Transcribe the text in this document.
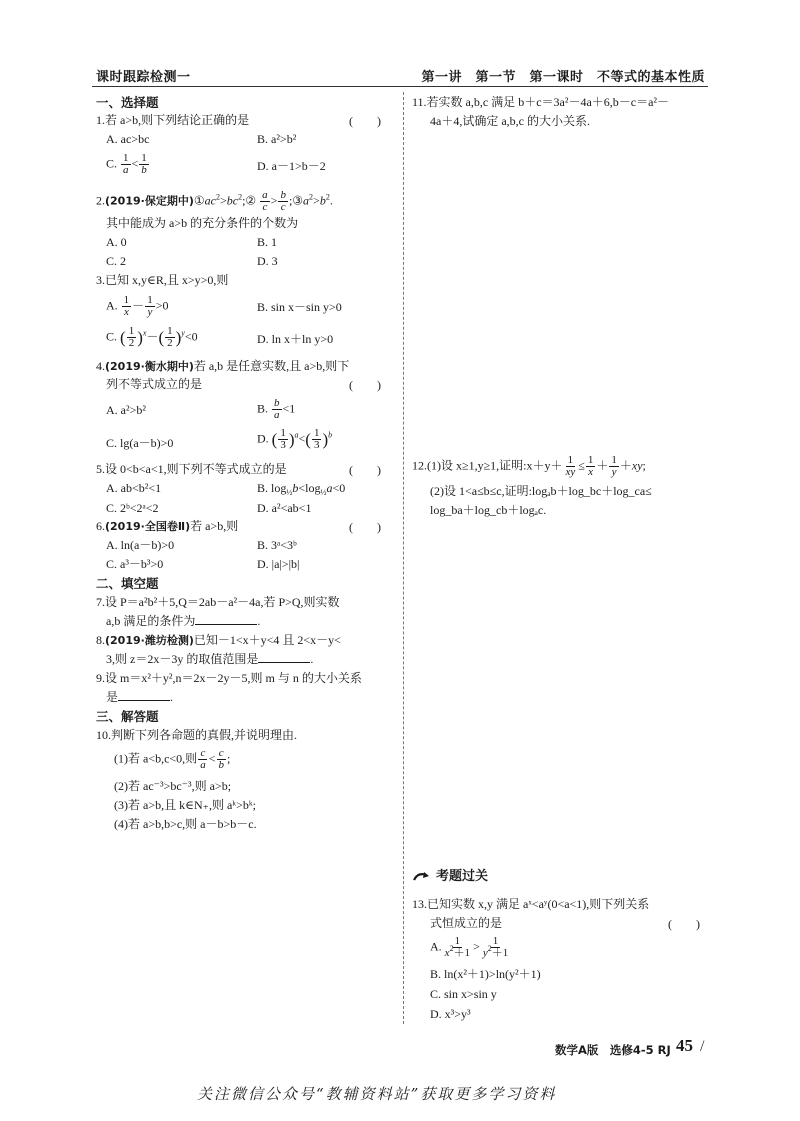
课时跟踪检测一	第一讲　第一节　第一课时　不等式的基本性质
一、选择题
1.若 a>b,则下列结论正确的是	(　　)
A. ac>bc	B. a²>b²
C. $\frac{1}{a} < \frac{1}{b}$	D. a－1>b－2
2.(2019·保定期中)$①ac^2>bc^2;② \frac{a}{c} > \frac{b}{c}$ $;③a^2>b^2$.
其中能成为 a>b 的充分条件的个数为
A. 0	B. 1
C. 2	D. 3
3.已知 x,y∈R,且 x>y>0,则
A. $\frac{1}{x} - \frac{1}{y} >0$	B. sin x－sin y>0
C. ( $\frac{1}{2} )^x-( \frac{1}{2} )^y<0$	D. ln x＋ln y>0
4.(2019·衡水期中)若 a,b 是任意实数,且 a>b,则下
列不等式成立的是	(　　)
A. a²>b²	B. $\frac{b}{a} <1$
C. lg(a－b)>0	D. ( $\frac{1}{3} )^a<( \frac{1}{3} )^b$
5.设 0<b<a<1,则下列不等式成立的是	(　　)
A. ab<b²<1	B. $\log_{\frac{1}{2}}b<\log_{\frac{1}{2}}a<0$
C. 2ᵇ<2ᵃ<2	D. a²<ab<1
6.(2019·全国卷Ⅱ)若 a>b,则	(　　)
A. ln(a－b)>0	B. 3ᵃ<3ᵇ
C. a³－b³>0	D. |a|>|b|
二、填空题
7.设 P＝a²b²＋5,Q＝2ab－a²－4a,若 P>Q,则实数
a,b 满足的条件为	.
8.(2019·潍坊检测)已知－1<x＋y<4 且 2<x－y<
3,则 z＝2x－3y 的取值范围是	.
9.设 m＝x²＋y²,n＝2x－2y－5,则 m 与 n 的大小关系
是	.
三、解答题
10.判断下列各命题的真假,并说明理由.
(1)若 a<b,c<0,则 $\frac{c}{a} < \frac{c}{b}$ ;
(2)若 ac⁻³>bc⁻³,则 a>b;
(3)若 a>b,且 k∈N₊,则 aᵏ>bᵏ;
(4)若 a>b,b>c,则 a－b>b－c.
11.若实数 a,b,c 满足 b＋c＝3a²－4a＋6,b－c＝a²－
4a＋4,试确定 a,b,c 的大小关系.
12.(1)设 x≥1,y≥1,证明:x＋y＋ $\frac{1}{xy} \le \frac{1}{x} + \frac{1}{y} +xy$;
(2)设 1<a≤b≤c,证明:logₐb＋log_bc＋log_ca≤
log_ba＋log_cb＋logₐc.
考题过关
13.已知实数 x,y 满足 aˣ<aʸ(0<a<1),则下列关系
式恒成立的是	(　　)
A. $\frac{1}{x^2+1} > \frac{1}{y^2+1}$
B. ln(x²＋1)>ln(y²＋1)
C. sin x>sin y
D. x³>y³
数学A版　选修4-5 RJ 45 /
关注微信公众号“教辅资料站”获取更多学习资料
